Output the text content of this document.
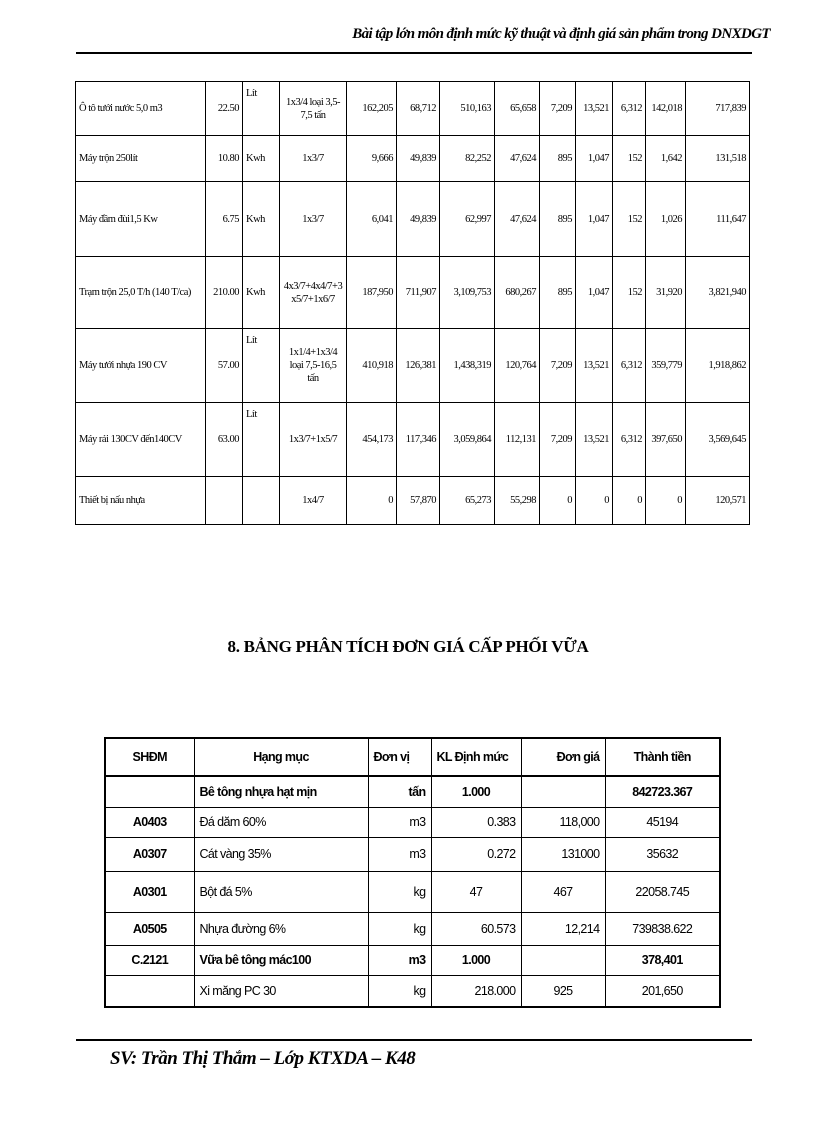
Bài tập lớn môn định mức kỹ thuật và định giá sản phẩm trong DNXDGT
Ô tô tưới nước 5,0 m3	22.50	Lít	1x3/4 loại 3,5-7,5 tấn	162,205	68,712	510,163	65,658	7,209	13,521	6,312	142,018	717,839
Máy trộn 250lít	10.80	Kwh	1x3/7	9,666	49,839	82,252	47,624	895	1,047	152	1,642	131,518
Máy đầm đùi1,5 Kw	6.75	Kwh	1x3/7	6,041	49,839	62,997	47,624	895	1,047	152	1,026	111,647
Trạm trộn 25,0 T/h (140 T/ca)	210.00	Kwh	4x3/7+4x4/7+3 x5/7+1x6/7	187,950	711,907	3,109,753	680,267	895	1,047	152	31,920	3,821,940
Máy tưới nhựa 190 CV	57.00	Lít	1x1/4+1x3/4 loại 7,5-16,5 tấn	410,918	126,381	1,438,319	120,764	7,209	13,521	6,312	359,779	1,918,862
Máy rải 130CV đến140CV	63.00	Lít	1x3/7+1x5/7	454,173	117,346	3,059,864	112,131	7,209	13,521	6,312	397,650	3,569,645
Thiết bị nấu nhựa			1x4/7	0	57,870	65,273	55,298	0	0	0	0	120,571
8. BẢNG PHÂN TÍCH ĐƠN GIÁ CẤP PHỐI VỮA
SHĐM	Hạng mục	Đơn vị	KL Định mức	Đơn giá	Thành tiền
	Bê tông nhựa hạt mịn	tấn	1.000		842723.367
A0403	Đá dăm 60%	m3	0.383	118,000	45194
A0307	Cát vàng 35%	m3	0.272	131000	35632
A0301	Bột đá 5%	kg	47	467	22058.745
A0505	Nhựa đường 6%	kg	60.573	12,214	739838.622
C.2121	Vữa bê tông mác100	m3	1.000		378,401
	Xi măng PC 30	kg	218.000	925	201,650
SV: Trần Thị Thắm – Lớp KTXDA – K48
